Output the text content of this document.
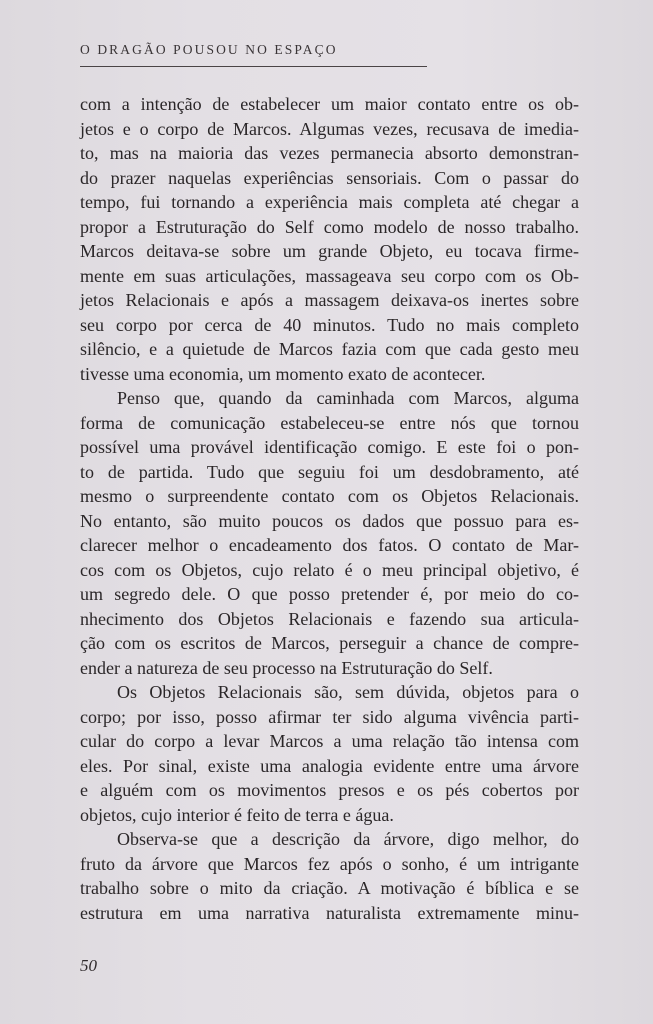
O DRAGÃO POUSOU NO ESPAÇO
com a intenção de estabelecer um maior contato entre os ob-
jetos e o corpo de Marcos. Algumas vezes, recusava de imedia-
to, mas na maioria das vezes permanecia absorto demonstran-
do prazer naquelas experiências sensoriais. Com o passar do
tempo, fui tornando a experiência mais completa até chegar a
propor a Estruturação do Self como modelo de nosso trabalho.
Marcos deitava-se sobre um grande Objeto, eu tocava firme-
mente em suas articulações, massageava seu corpo com os Ob-
jetos Relacionais e após a massagem deixava-os inertes sobre
seu corpo por cerca de 40 minutos. Tudo no mais completo
silêncio, e a quietude de Marcos fazia com que cada gesto meu
tivesse uma economia, um momento exato de acontecer.
Penso que, quando da caminhada com Marcos, alguma
forma de comunicação estabeleceu-se entre nós que tornou
possível uma provável identificação comigo. E este foi o pon-
to de partida. Tudo que seguiu foi um desdobramento, até
mesmo o surpreendente contato com os Objetos Relacionais.
No entanto, são muito poucos os dados que possuo para es-
clarecer melhor o encadeamento dos fatos. O contato de Mar-
cos com os Objetos, cujo relato é o meu principal objetivo, é
um segredo dele. O que posso pretender é, por meio do co-
nhecimento dos Objetos Relacionais e fazendo sua articula-
ção com os escritos de Marcos, perseguir a chance de compre-
ender a natureza de seu processo na Estruturação do Self.
Os Objetos Relacionais são, sem dúvida, objetos para o
corpo; por isso, posso afirmar ter sido alguma vivência parti-
cular do corpo a levar Marcos a uma relação tão intensa com
eles. Por sinal, existe uma analogia evidente entre uma árvore
e alguém com os movimentos presos e os pés cobertos por
objetos, cujo interior é feito de terra e água.
Observa-se que a descrição da árvore, digo melhor, do
fruto da árvore que Marcos fez após o sonho, é um intrigante
trabalho sobre o mito da criação. A motivação é bíblica e se
estrutura em uma narrativa naturalista extremamente minu-
50
